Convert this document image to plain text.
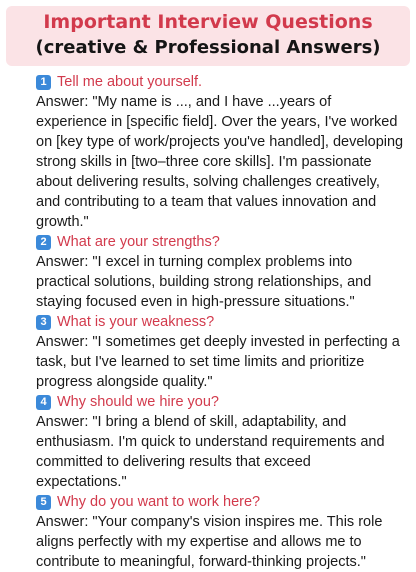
Important Interview Questions
(creative & Professional Answers)

1 Tell me about yourself.
Answer: "My name is ..., and I have ...years of experience in [specific field]. Over the years, I've worked on [key type of work/projects you've handled], developing strong skills in [two–three core skills]. I'm passionate about delivering results, solving challenges creatively, and contributing to a team that values innovation and growth."
2 What are your strengths?
Answer: "I excel in turning complex problems into practical solutions, building strong relationships, and staying focused even in high-pressure situations."
3 What is your weakness?
Answer: "I sometimes get deeply invested in perfecting a task, but I've learned to set time limits and prioritize progress alongside quality."
4 Why should we hire you?
Answer: "I bring a blend of skill, adaptability, and enthusiasm. I'm quick to understand requirements and committed to delivering results that exceed expectations."
5 Why do you want to work here?
Answer: "Your company's vision inspires me. This role aligns perfectly with my expertise and allows me to contribute to meaningful, forward-thinking projects."
